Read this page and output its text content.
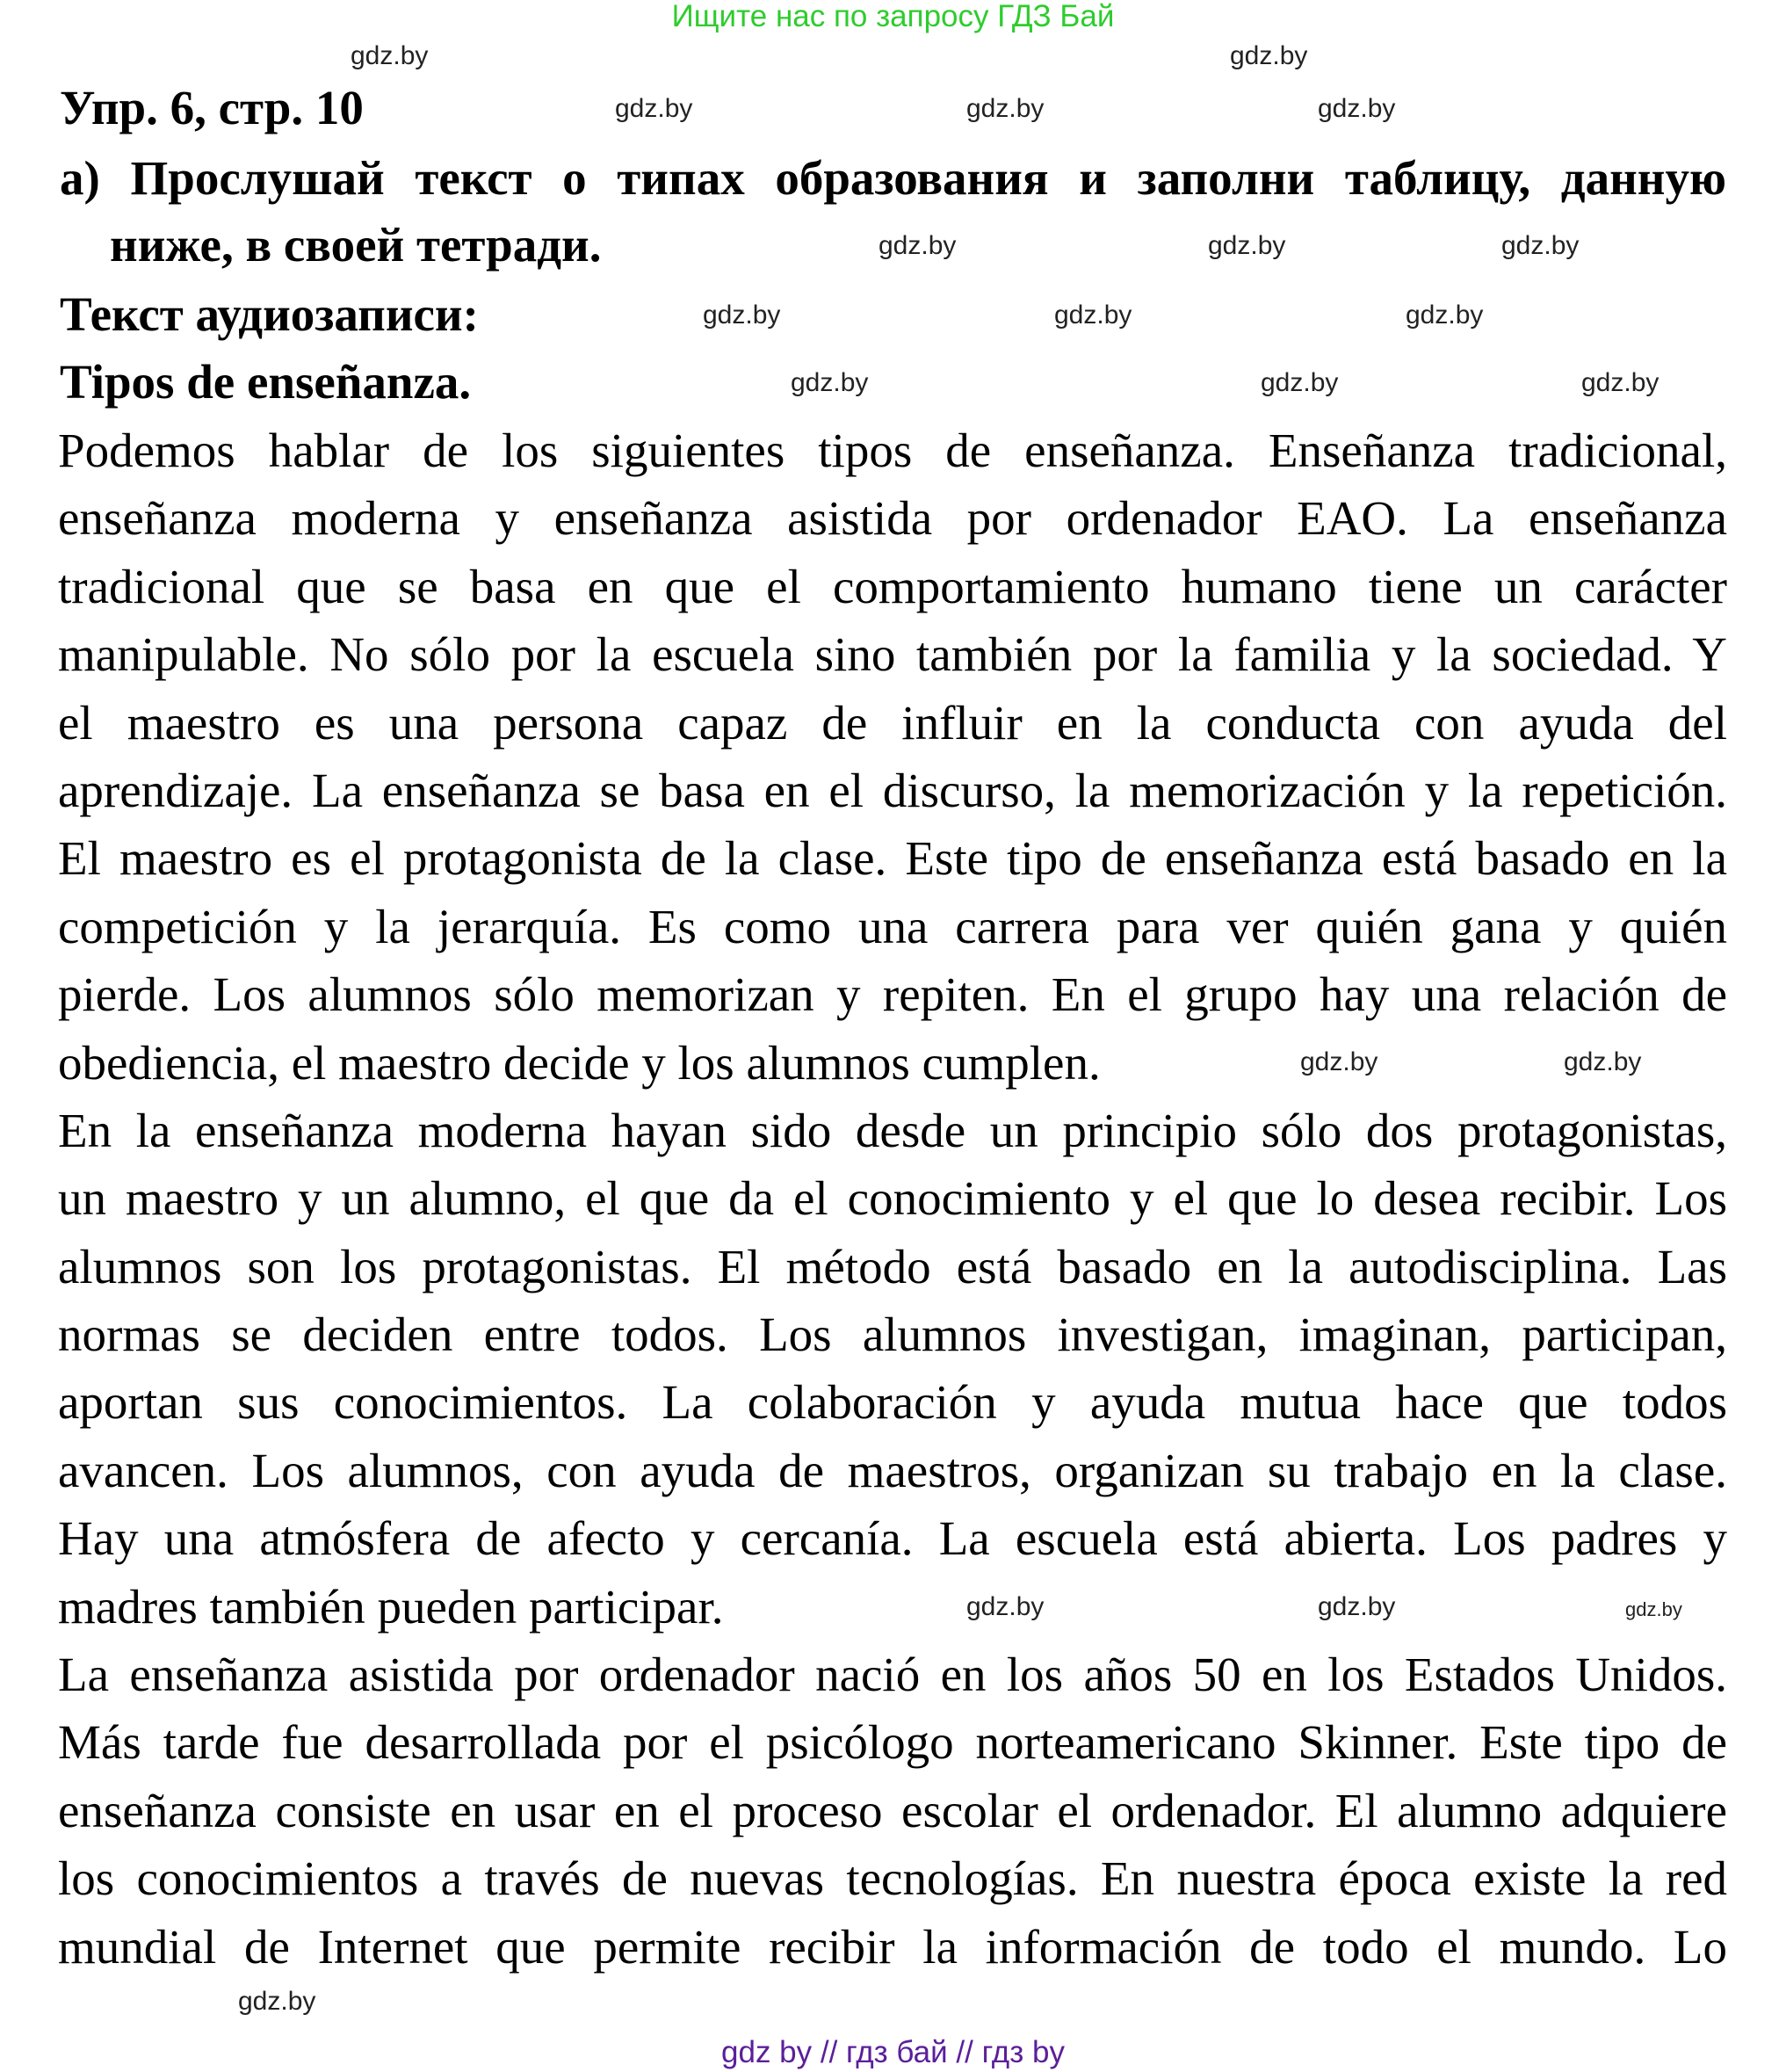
Ищите нас по запросу ГДЗ Бай
Упр. 6, стр. 10
а) Прослушай текст о типах образования и заполни таблицу, данную
ниже, в своей тетради.
Текст аудиозаписи:
Tipos de enseñanza.
Podemos hablar de los siguientes tipos de enseñanza. Enseñanza tradicional,
enseñanza moderna y enseñanza asistida por ordenador EAO. La enseñanza
tradicional que se basa en que el comportamiento humano tiene un carácter
manipulable. No sólo por la escuela sino también por la familia y la sociedad. Y
el maestro es una persona capaz de influir en la conducta con ayuda del
aprendizaje. La enseñanza se basa en el discurso, la memorización y la repetición.
El maestro es el protagonista de la clase. Este tipo de enseñanza está basado en la
competición y la jerarquía. Es como una carrera para ver quién gana y quién
pierde. Los alumnos sólo memorizan y repiten. En el grupo hay una relación de
obediencia, el maestro decide y los alumnos cumplen.
En la enseñanza moderna hayan sido desde un principio sólo dos protagonistas,
un maestro y un alumno, el que da el conocimiento y el que lo desea recibir. Los
alumnos son los protagonistas. El método está basado en la autodisciplina. Las
normas se deciden entre todos. Los alumnos investigan, imaginan, participan,
aportan sus conocimientos. La colaboración y ayuda mutua hace que todos
avancen. Los alumnos, con ayuda de maestros, organizan su trabajo en la clase.
Hay una atmósfera de afecto y cercanía. La escuela está abierta. Los padres y
madres también pueden participar.
La enseñanza asistida por ordenador nació en los años 50 en los Estados Unidos.
Más tarde fue desarrollada por el psicólogo norteamericano Skinner. Este tipo de
enseñanza consiste en usar en el proceso escolar el ordenador. El alumno adquiere
los conocimientos a través de nuevas tecnologías. En nuestra época existe la red
mundial de Internet que permite recibir la información de todo el mundo. Lo
gdz.by	gdz.by
gdz.by	gdz.by	gdz.by
gdz.by	gdz.by	gdz.by
gdz.by	gdz.by	gdz.by
gdz.by	gdz.by	gdz.by
gdz.by	gdz.by
gdz.by	gdz.by	gdz.by
gdz.by
gdz by // гдз бай // гдз by
